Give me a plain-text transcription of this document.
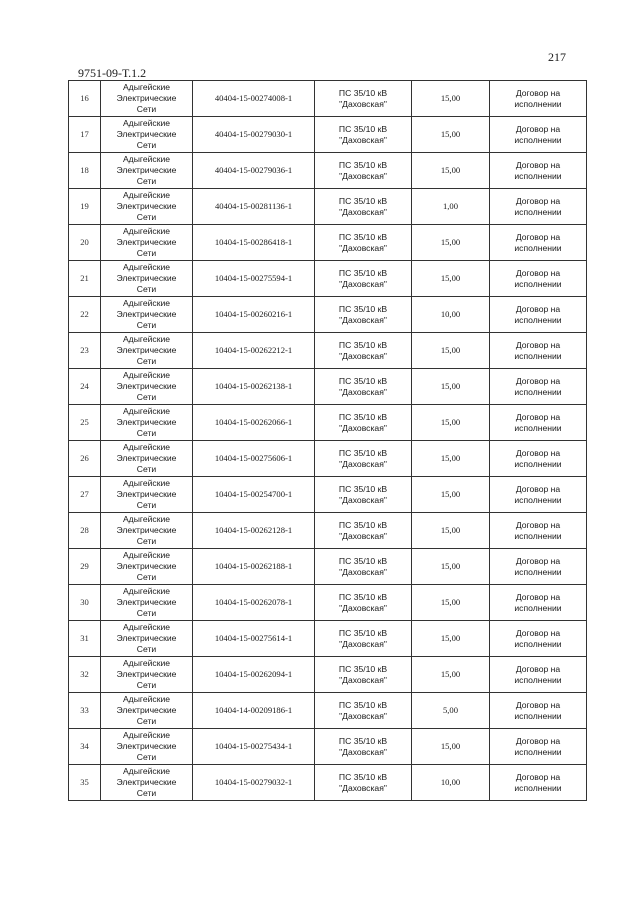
217
9751-09-Т.1.2
16	Адыгейские
Электрические
Сети	40404-15-00274008-1	ПС 35/10 кВ
"Даховская"	15,00	Договор на
исполнении

17	Адыгейские
Электрические
Сети	40404-15-00279030-1	ПС 35/10 кВ
"Даховская"	15,00	Договор на
исполнении

18	Адыгейские
Электрические
Сети	40404-15-00279036-1	ПС 35/10 кВ
"Даховская"	15,00	Договор на
исполнении

19	Адыгейские
Электрические
Сети	40404-15-00281136-1	ПС 35/10 кВ
"Даховская"	1,00	Договор на
исполнении

20	Адыгейские
Электрические
Сети	10404-15-00286418-1	ПС 35/10 кВ
"Даховская"	15,00	Договор на
исполнении

21	Адыгейские
Электрические
Сети	10404-15-00275594-1	ПС 35/10 кВ
"Даховская"	15,00	Договор на
исполнении

22	Адыгейские
Электрические
Сети	10404-15-00260216-1	ПС 35/10 кВ
"Даховская"	10,00	Договор на
исполнении

23	Адыгейские
Электрические
Сети	10404-15-00262212-1	ПС 35/10 кВ
"Даховская"	15,00	Договор на
исполнении

24	Адыгейские
Электрические
Сети	10404-15-00262138-1	ПС 35/10 кВ
"Даховская"	15,00	Договор на
исполнении

25	Адыгейские
Электрические
Сети	10404-15-00262066-1	ПС 35/10 кВ
"Даховская"	15,00	Договор на
исполнении

26	Адыгейские
Электрические
Сети	10404-15-00275606-1	ПС 35/10 кВ
"Даховская"	15,00	Договор на
исполнении

27	Адыгейские
Электрические
Сети	10404-15-00254700-1	ПС 35/10 кВ
"Даховская"	15,00	Договор на
исполнении

28	Адыгейские
Электрические
Сети	10404-15-00262128-1	ПС 35/10 кВ
"Даховская"	15,00	Договор на
исполнении

29	Адыгейские
Электрические
Сети	10404-15-00262188-1	ПС 35/10 кВ
"Даховская"	15,00	Договор на
исполнении

30	Адыгейские
Электрические
Сети	10404-15-00262078-1	ПС 35/10 кВ
"Даховская"	15,00	Договор на
исполнении

31	Адыгейские
Электрические
Сети	10404-15-00275614-1	ПС 35/10 кВ
"Даховская"	15,00	Договор на
исполнении

32	Адыгейские
Электрические
Сети	10404-15-00262094-1	ПС 35/10 кВ
"Даховская"	15,00	Договор на
исполнении

33	Адыгейские
Электрические
Сети	10404-14-00209186-1	ПС 35/10 кВ
"Даховская"	5,00	Договор на
исполнении

34	Адыгейские
Электрические
Сети	10404-15-00275434-1	ПС 35/10 кВ
"Даховская"	15,00	Договор на
исполнении

35	Адыгейские
Электрические
Сети	10404-15-00279032-1	ПС 35/10 кВ
"Даховская"	10,00	Договор на
исполнении
